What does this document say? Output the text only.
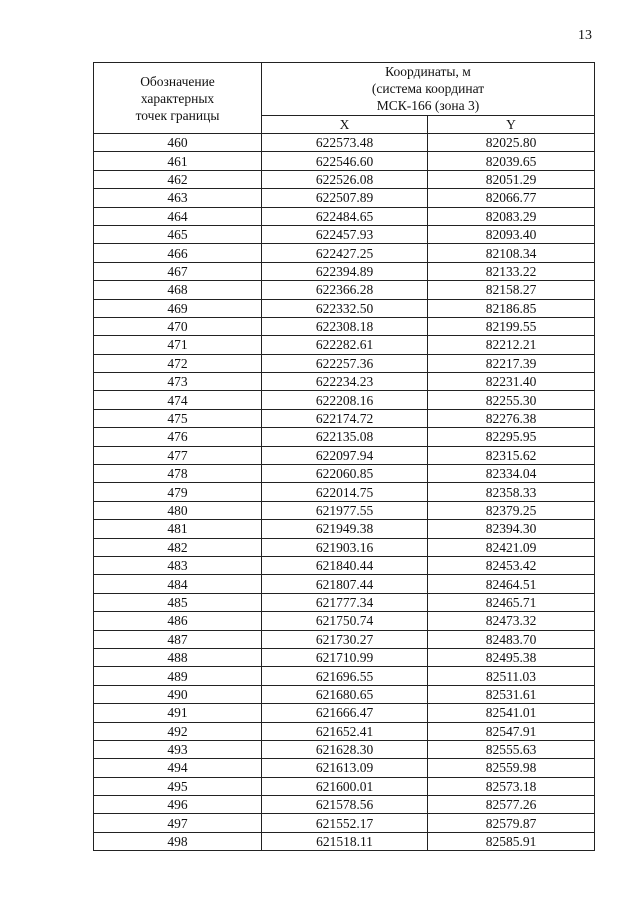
13
Обозначение
характерных
точек границы	Координаты, м
(система координат
МСК-166 (зона 3)	

	X	Y
460	622573.48	82025.80
461	622546.60	82039.65
462	622526.08	82051.29
463	622507.89	82066.77
464	622484.65	82083.29
465	622457.93	82093.40
466	622427.25	82108.34
467	622394.89	82133.22
468	622366.28	82158.27
469	622332.50	82186.85
470	622308.18	82199.55
471	622282.61	82212.21
472	622257.36	82217.39
473	622234.23	82231.40
474	622208.16	82255.30
475	622174.72	82276.38
476	622135.08	82295.95
477	622097.94	82315.62
478	622060.85	82334.04
479	622014.75	82358.33
480	621977.55	82379.25
481	621949.38	82394.30
482	621903.16	82421.09
483	621840.44	82453.42
484	621807.44	82464.51
485	621777.34	82465.71
486	621750.74	82473.32
487	621730.27	82483.70
488	621710.99	82495.38
489	621696.55	82511.03
490	621680.65	82531.61
491	621666.47	82541.01
492	621652.41	82547.91
493	621628.30	82555.63
494	621613.09	82559.98
495	621600.01	82573.18
496	621578.56	82577.26
497	621552.17	82579.87
498	621518.11	82585.91
